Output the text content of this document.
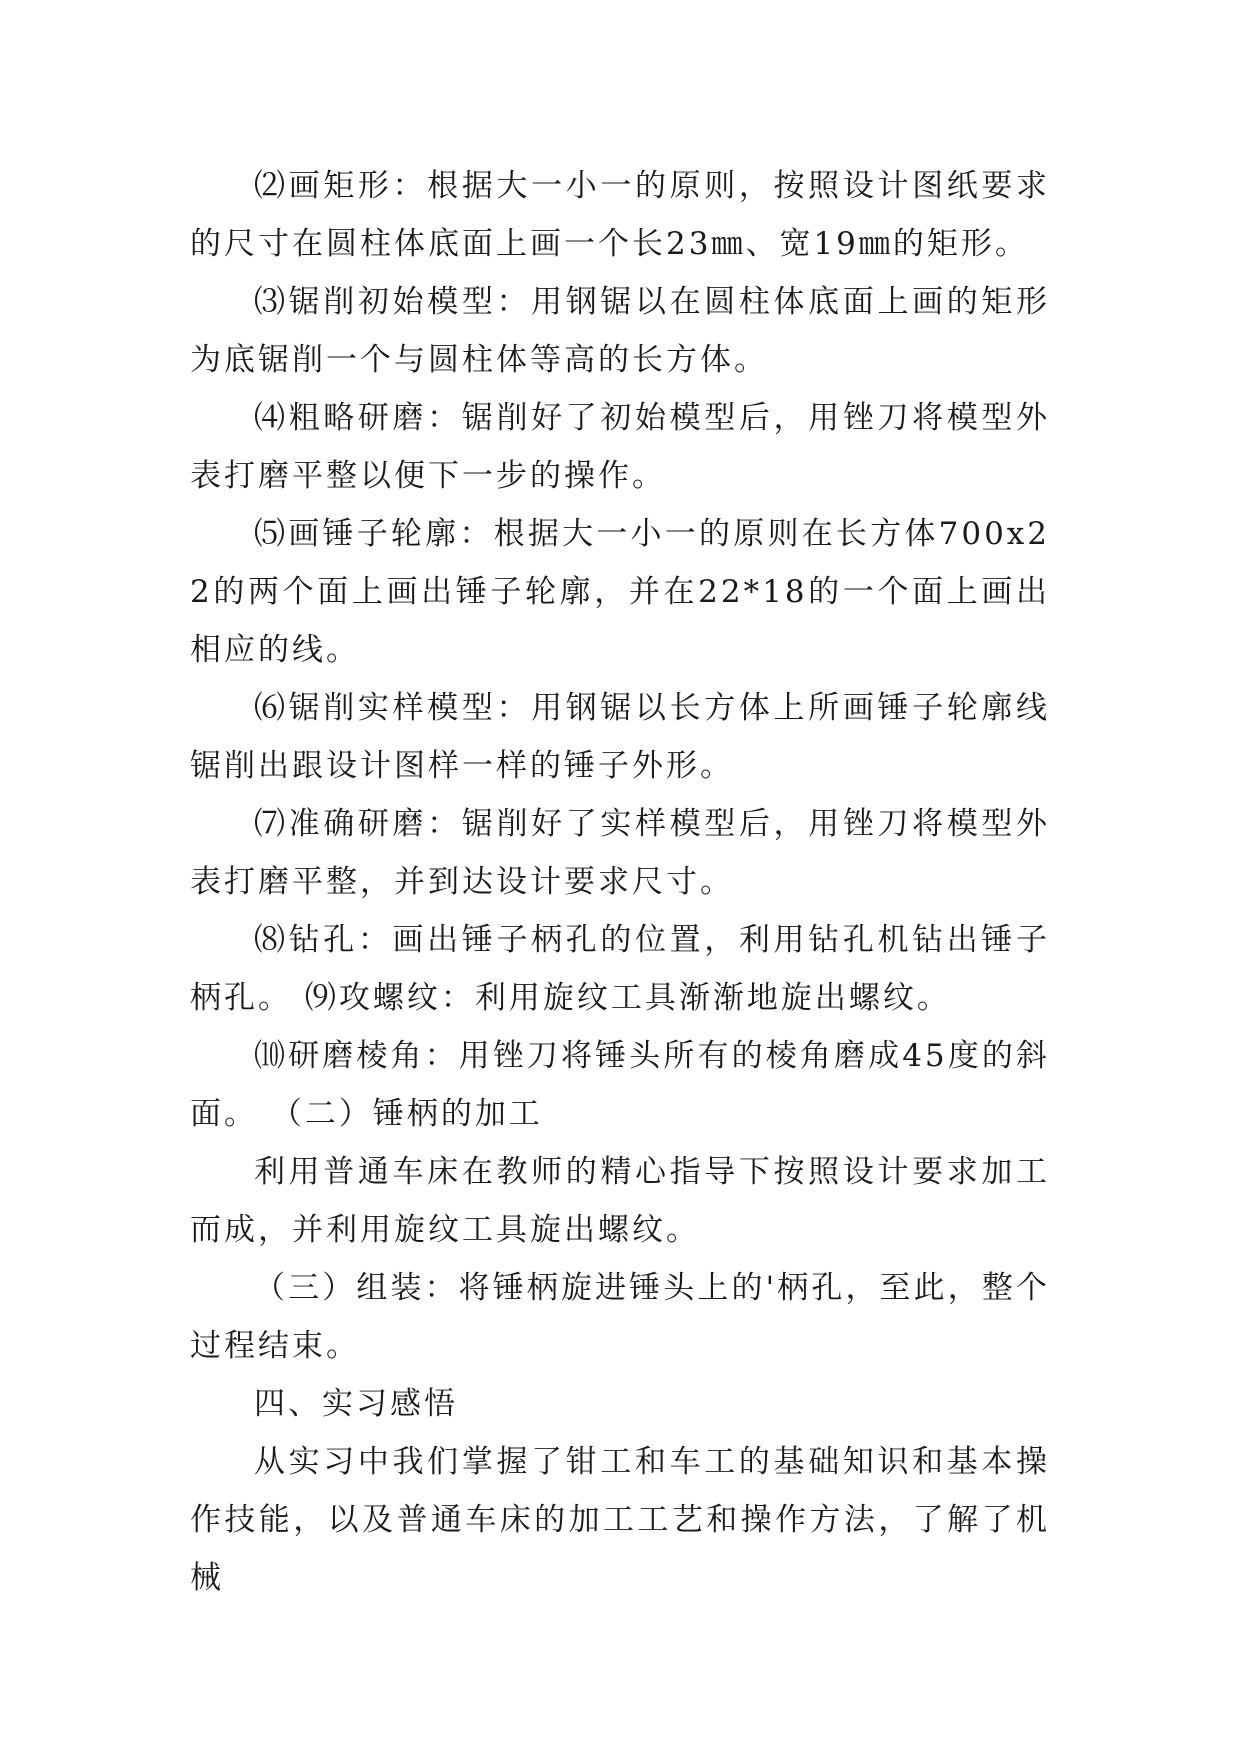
⑵画矩形：根据大一小一的原则，按照设计图纸要求的尺寸在圆柱体底面上画一个长23㎜、宽19㎜的矩形。

⑶锯削初始模型：用钢锯以在圆柱体底面上画的矩形为底锯削一个与圆柱体等高的长方体。

⑷粗略研磨：锯削好了初始模型后，用锉刀将模型外表打磨平整以便下一步的操作。

⑸画锤子轮廓：根据大一小一的原则在长方体700x22的两个面上画出锤子轮廓，并在22*18的一个面上画出相应的线。

⑹锯削实样模型：用钢锯以长方体上所画锤子轮廓线锯削出跟设计图样一样的锤子外形。

⑺准确研磨：锯削好了实样模型后，用锉刀将模型外表打磨平整，并到达设计要求尺寸。

⑻钻孔：画出锤子柄孔的位置，利用钻孔机钻出锤子柄孔。 ⑼攻螺纹：利用旋纹工具渐渐地旋出螺纹。

⑽研磨棱角：用锉刀将锤头所有的棱角磨成45度的斜面。 （二）锤柄的加工

利用普通车床在教师的精心指导下按照设计要求加工而成，并利用旋纹工具旋出螺纹。

（三）组装：将锤柄旋进锤头上的'柄孔，至此，整个过程结束。

四、实习感悟

从实习中我们掌握了钳工和车工的基础知识和基本操作技能，以及普通车床的加工工艺和操作方法，了解了机械
